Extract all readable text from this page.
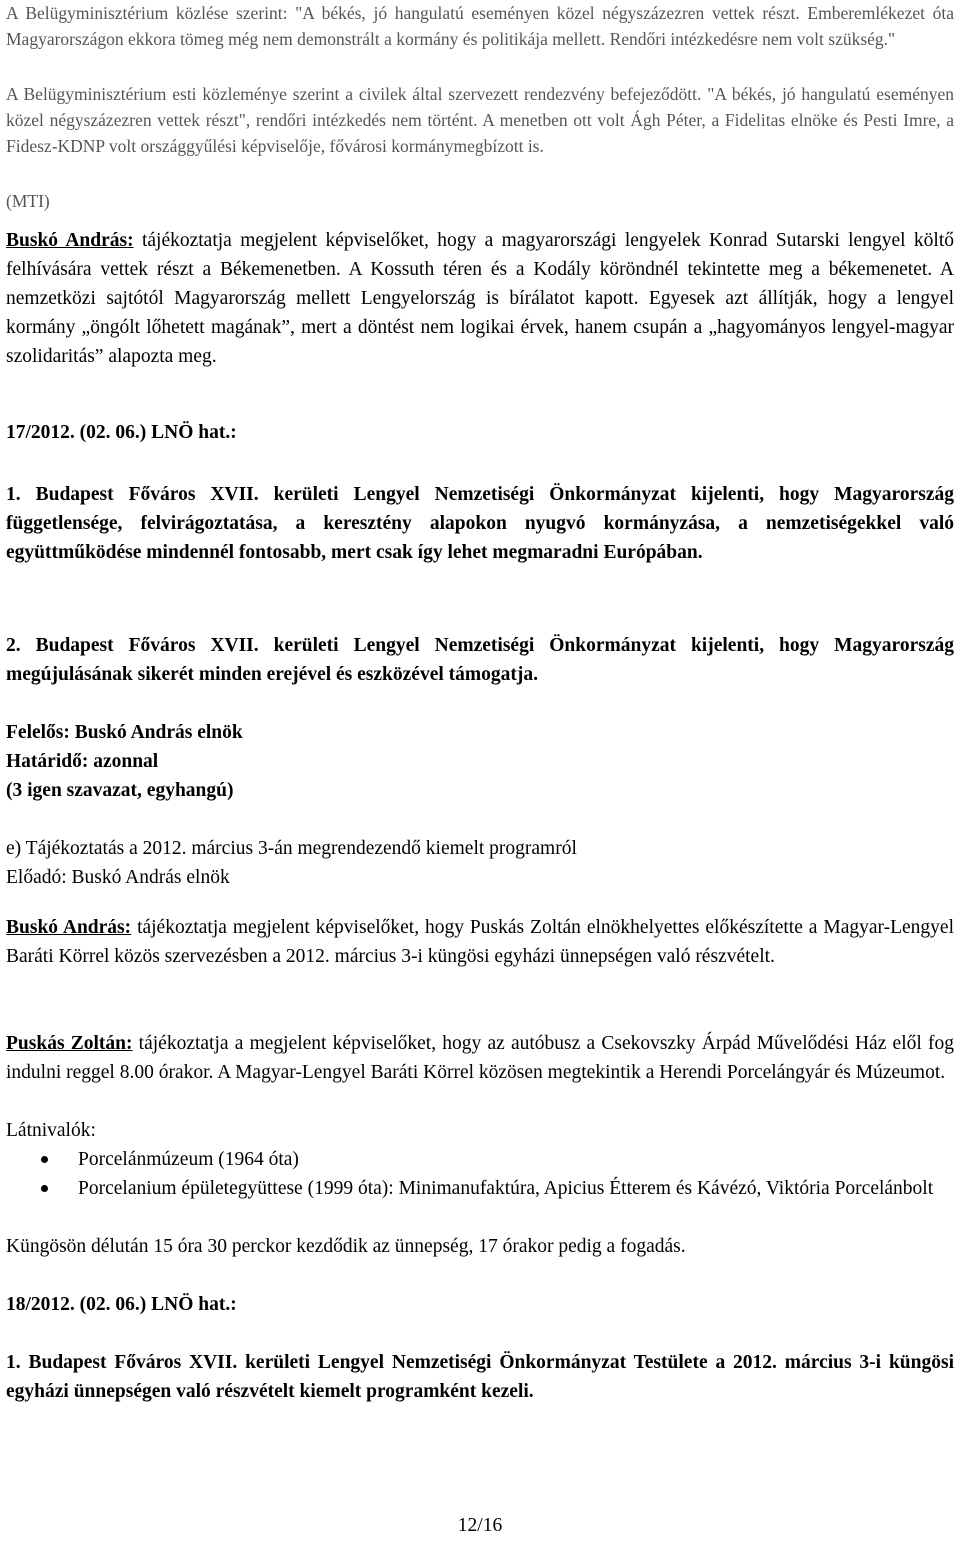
A Belügyminisztérium közlése szerint: "A békés, jó hangulatú eseményen közel négyszázezren vettek részt. Emberemlékezet óta Magyarországon ekkora tömeg még nem demonstrált a kormány és politikája mellett. Rendőri intézkedésre nem volt szükség."

A Belügyminisztérium esti közleménye szerint a civilek által szervezett rendezvény befejeződött. "A békés, jó hangulatú eseményen közel négyszázezren vettek részt", rendőri intézkedés nem történt. A menetben ott volt Ágh Péter, a Fidelitas elnöke és Pesti Imre, a Fidesz-KDNP volt országgyűlési képviselője, fővárosi kormánymegbízott is.

(MTI)

Buskó András: tájékoztatja megjelent képviselőket, hogy a magyarországi lengyelek Konrad Sutarski lengyel költő felhívására vettek részt a Békemenetben. A Kossuth téren és a Kodály köröndnél tekintette meg a békemenetet. A nemzetközi sajtótól Magyarország mellett Lengyelország is bírálatot kapott. Egyesek azt állítják, hogy a lengyel kormány „öngólt lőhetett magának”, mert a döntést nem logikai érvek, hanem csupán a „hagyományos lengyel-magyar szolidaritás” alapozta meg.

17/2012. (02. 06.) LNÖ hat.:

1. Budapest Főváros XVII. kerületi Lengyel Nemzetiségi Önkormányzat kijelenti, hogy Magyarország függetlensége, felvirágoztatása, a keresztény alapokon nyugvó kormányzása, a nemzetiségekkel való együttműködése mindennél fontosabb, mert csak így lehet megmaradni Európában.

2. Budapest Főváros XVII. kerületi Lengyel Nemzetiségi Önkormányzat kijelenti, hogy Magyarország megújulásának sikerét minden erejével és eszközével támogatja.

Felelős: Buskó András elnök

Határidő: azonnal

(3 igen szavazat, egyhangú)

e) Tájékoztatás a 2012. március 3-án megrendezendő kiemelt programról

Előadó: Buskó András elnök

Buskó András: tájékoztatja megjelent képviselőket, hogy Puskás Zoltán elnökhelyettes előkészítette a Magyar-Lengyel Baráti Körrel közös szervezésben a 2012. március 3-i küngösi egyházi ünnepségen való részvételt.

Puskás Zoltán: tájékoztatja a megjelent képviselőket, hogy az autóbusz a Csekovszky Árpád Művelődési Ház elől fog indulni reggel 8.00 órakor. A Magyar-Lengyel Baráti Körrel közösen megtekintik a Herendi Porcelángyár és Múzeumot.

Látnivalók:

Porcelánmúzeum (1964 óta)
Porcelanium épületegyüttese (1999 óta): Minimanufaktúra, Apicius Étterem és Kávézó, Viktória Porcelánbolt

Küngösön délután 15 óra 30 perckor kezdődik az ünnepség, 17 órakor pedig a fogadás.

18/2012. (02. 06.) LNÖ hat.:

1. Budapest Főváros XVII. kerületi Lengyel Nemzetiségi Önkormányzat Testülete a 2012. március 3-i küngösi egyházi ünnepségen való részvételt kiemelt programként kezeli.

12/16
